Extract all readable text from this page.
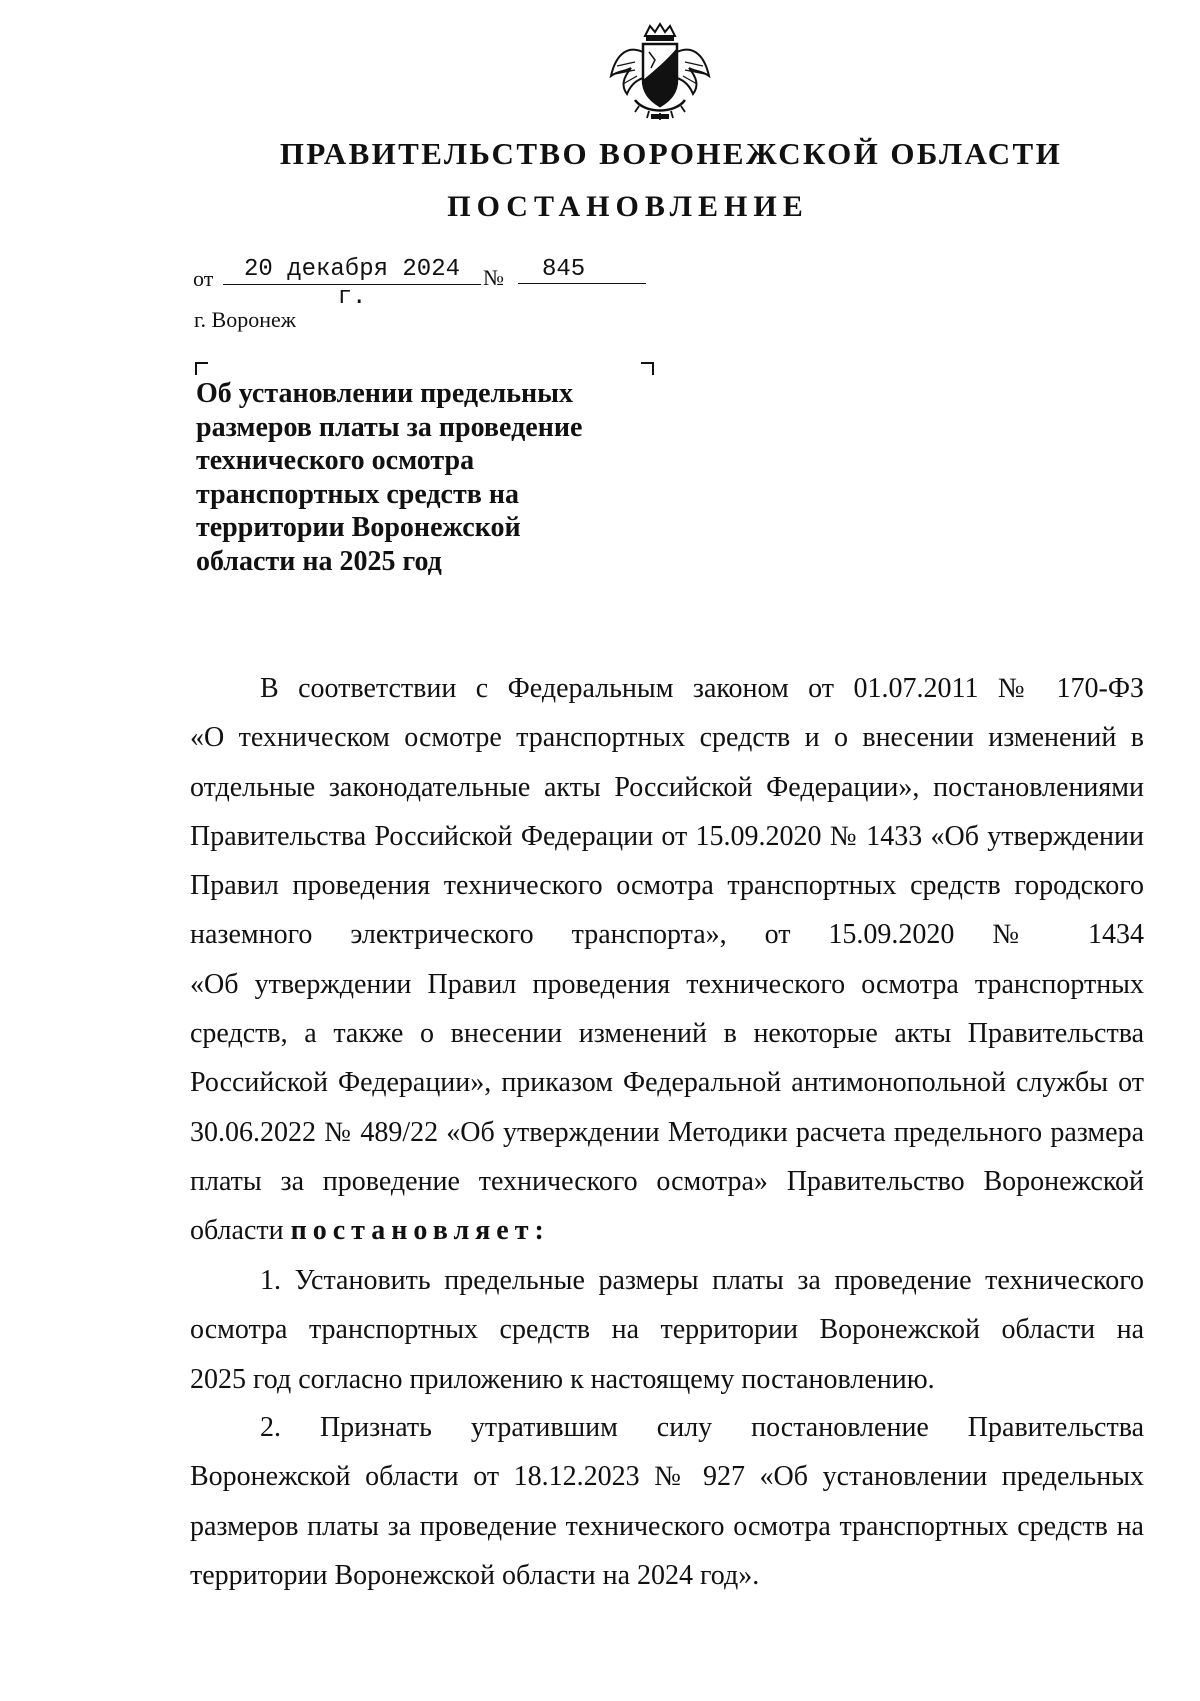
ПРАВИТЕЛЬСТВО ВОРОНЕЖСКОЙ ОБЛАСТИ
ПОСТАНОВЛЕНИЕ
от	20 декабря 2024 г.
№	845
г. Воронеж
Об установлении предельных
размеров платы за проведение
технического осмотра
транспортных средств на
территории Воронежской
области на 2025 год
В соответствии с Федеральным законом от 01.07.2011 № 170-ФЗ
«О техническом осмотре транспортных средств и о внесении изменений в
отдельные законодательные акты Российской Федерации», постановлениями
Правительства Российской Федерации от 15.09.2020 № 1433 «Об утверждении
Правил проведения технического осмотра транспортных средств городского
наземного электрического транспорта», от 15.09.2020 № 1434
«Об утверждении Правил проведения технического осмотра транспортных
средств, а также о внесении изменений в некоторые акты Правительства
Российской Федерации», приказом Федеральной антимонопольной службы от
30.06.2022 № 489/22 «Об утверждении Методики расчета предельного размера
платы за проведение технического осмотра» Правительство Воронежской
области постановляет:
1. Установить предельные размеры платы за проведение технического
осмотра транспортных средств на территории Воронежской области на
2025 год согласно приложению к настоящему постановлению.
2. Признать утратившим силу постановление Правительства
Воронежской области от 18.12.2023 № 927 «Об установлении предельных
размеров платы за проведение технического осмотра транспортных средств на
территории Воронежской области на 2024 год».
